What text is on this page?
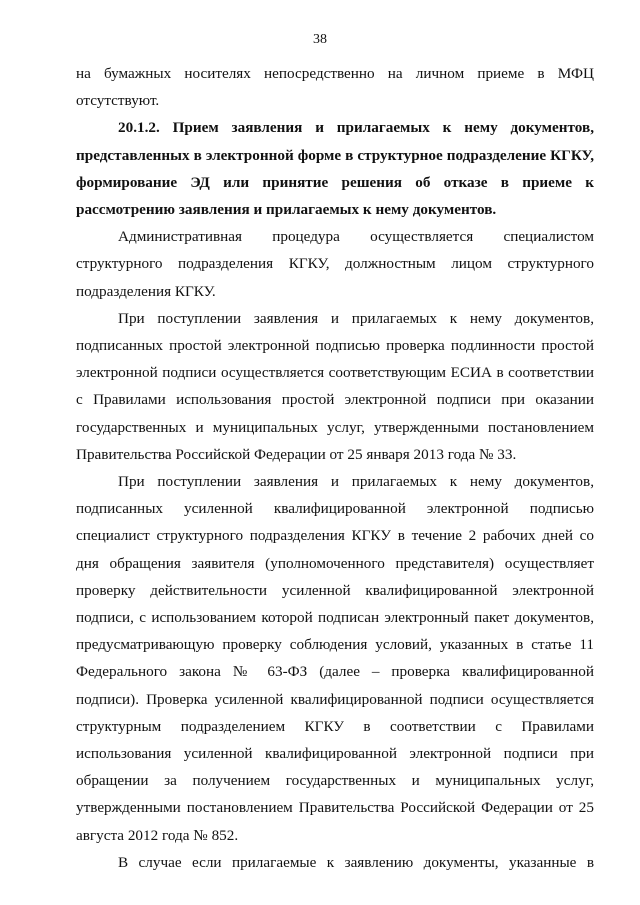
38

на бумажных носителях непосредственно на личном приеме в МФЦ отсутствуют.

20.1.2. Прием заявления и прилагаемых к нему документов, представленных в электронной форме в структурное подразделение КГКУ, формирование ЭД или принятие решения об отказе в приеме к рассмотрению заявления и прилагаемых к нему документов.

Административная процедура осуществляется специалистом структурного подразделения КГКУ, должностным лицом структурного подразделения КГКУ.

При поступлении заявления и прилагаемых к нему документов, подписанных простой электронной подписью проверка подлинности простой электронной подписи осуществляется соответствующим ЕСИА в соответствии с Правилами использования простой электронной подписи при оказании государственных и муниципальных услуг, утвержденными постановлением Правительства Российской Федерации от 25 января 2013 года № 33.

При поступлении заявления и прилагаемых к нему документов, подписанных усиленной квалифицированной электронной подписью специалист структурного подразделения КГКУ в течение 2 рабочих дней со дня обращения заявителя (уполномоченного представителя) осуществляет проверку действительности усиленной квалифицированной электронной подписи, с использованием которой подписан электронный пакет документов, предусматривающую проверку соблюдения условий, указанных в статье 11 Федерального закона № 63-ФЗ (далее – проверка квалифицированной подписи). Проверка усиленной квалифицированной подписи осуществляется структурным подразделением КГКУ в соответствии с Правилами использования усиленной квалифицированной электронной подписи при обращении за получением государственных и муниципальных услуг, утвержденными постановлением Правительства Российской Федерации от 25 августа 2012 года № 852.

В случае если прилагаемые к заявлению документы, указанные в
